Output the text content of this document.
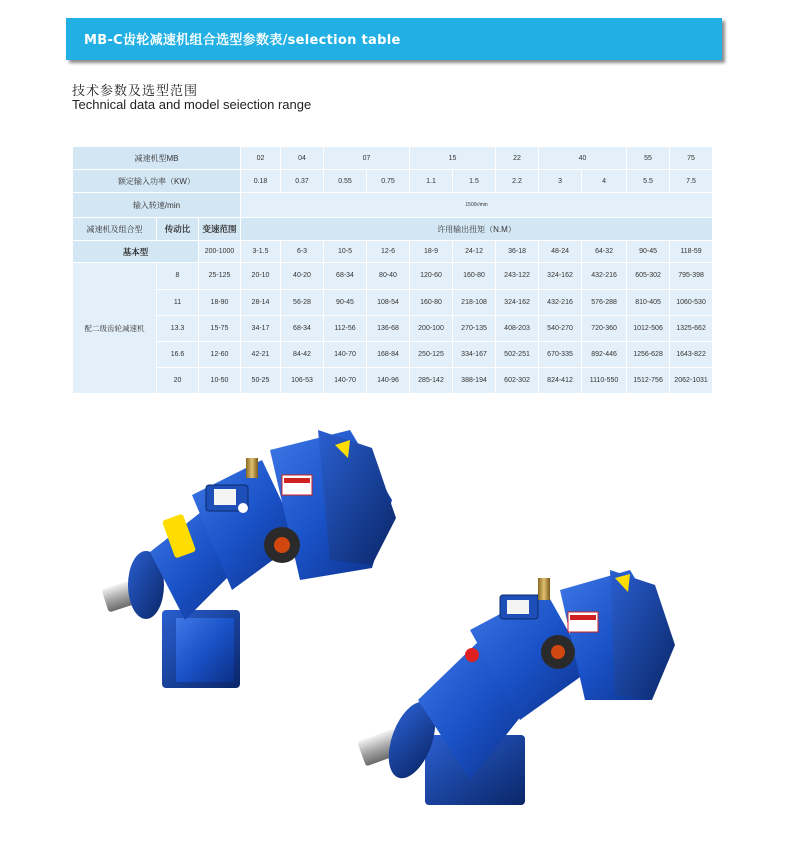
MB-C齿轮减速机组合选型参数表/selection table
技术参数及选型范围
Technical data and model seiection range
减速机型MB			02	04	07		15		22	40		55	75
额定输入功率（KW）			0.18	0.37	0.55	0.75	1.1	1.5	2.2	3	4	5.5	7.5
输入转速/min			1500r/min										
减速机及组合型	传动比	变速范围	许用输出扭矩（N.M）										
基本型		200-1000	3-1.5	6-3	10-5	12-6	18-9	24-12	36-18	48-24	64-32	90-45	118-59
配二级齿轮减速机	8	25-125	20-10	40-20	68-34	80-40	120-60	160-80	243-122	324-162	432-216	605-302	795-398
	11	18-90	28-14	56-28	90-45	108-54	160-80	218-108	324-162	432-216	576-288	810-405	1060-530
	13.3	15-75	34-17	68-34	112-56	136-68	200-100	270-135	408-203	540-270	720-360	1012-506	1325-662
	16.6	12-60	42-21	84-42	140-70	168-84	250-125	334-167	502-251	670-335	892-446	1256-628	1643-822
	20	10-50	50-25	106-53	140-70	140-96	285-142	388-194	602-302	824-412	1110-550	1512-756	2062-1031
